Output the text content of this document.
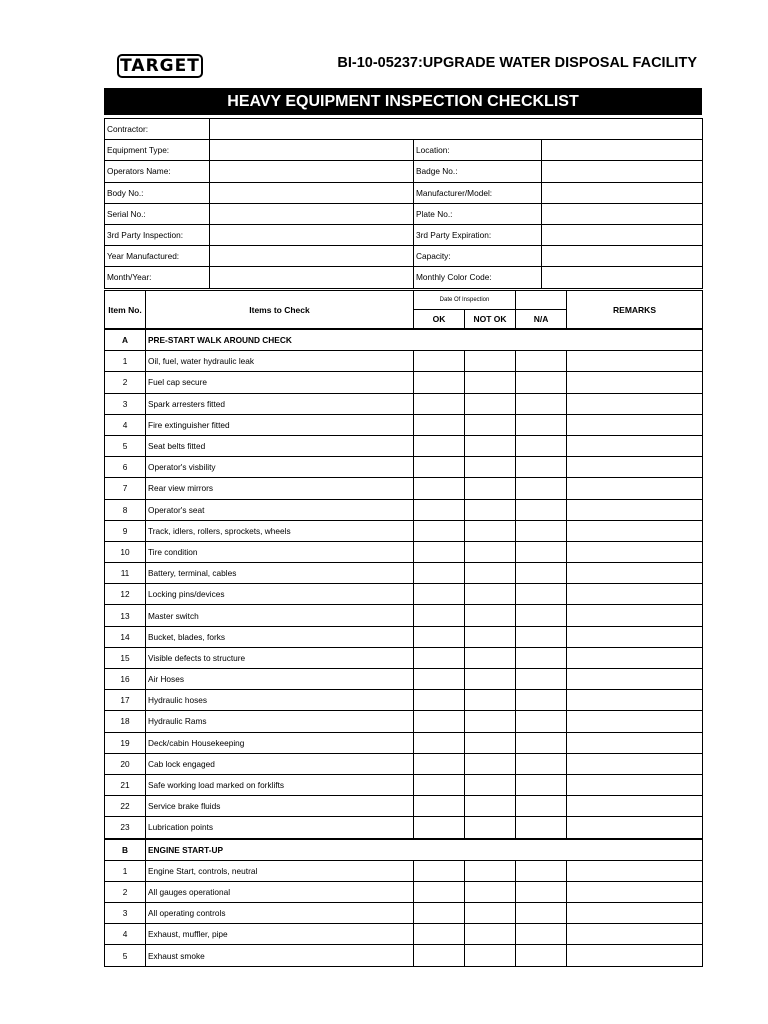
TARGET	BI-10-05237:UPGRADE WATER DISPOSAL FACILITY
HEAVY EQUIPMENT INSPECTION CHECKLIST
Contractor:			
Equipment Type:		Location:	
Operators Name:		Badge No.:	
Body No.:		Manufacturer/Model:	
Serial No.:		Plate No.:	
3rd Party Inspection:		3rd Party Expiration:	
Year Manufactured:		Capacity:	
Month/Year:		Monthly Color Code:	
Item No.	Items to Check	Date Of Inspection			REMARKS
		OK	NOT OK	N/A	
A	PRE-START WALK AROUND CHECK				
1	Oil, fuel, water hydraulic leak				
2	Fuel cap secure				
3	Spark arresters fitted				
4	Fire extinguisher fitted				
5	Seat belts fitted				
6	Operator's visbility				
7	Rear view mirrors				
8	Operator's seat				
9	Track, idlers, rollers, sprockets, wheels				
10	Tire condition				
11	Battery, terminal, cables				
12	Locking pins/devices				
13	Master switch				
14	Bucket, blades, forks				
15	Visible defects to structure				
16	Air Hoses				
17	Hydraulic hoses				
18	Hydraulic Rams				
19	Deck/cabin Housekeeping				
20	Cab lock engaged				
21	Safe working load marked on forklifts				
22	Service brake fluids				
23	Lubrication points				
B	ENGINE START-UP				
1	Engine Start, controls, neutral				
2	All gauges operational				
3	All operating controls				
4	Exhaust, muffler, pipe				
5	Exhaust smoke				
